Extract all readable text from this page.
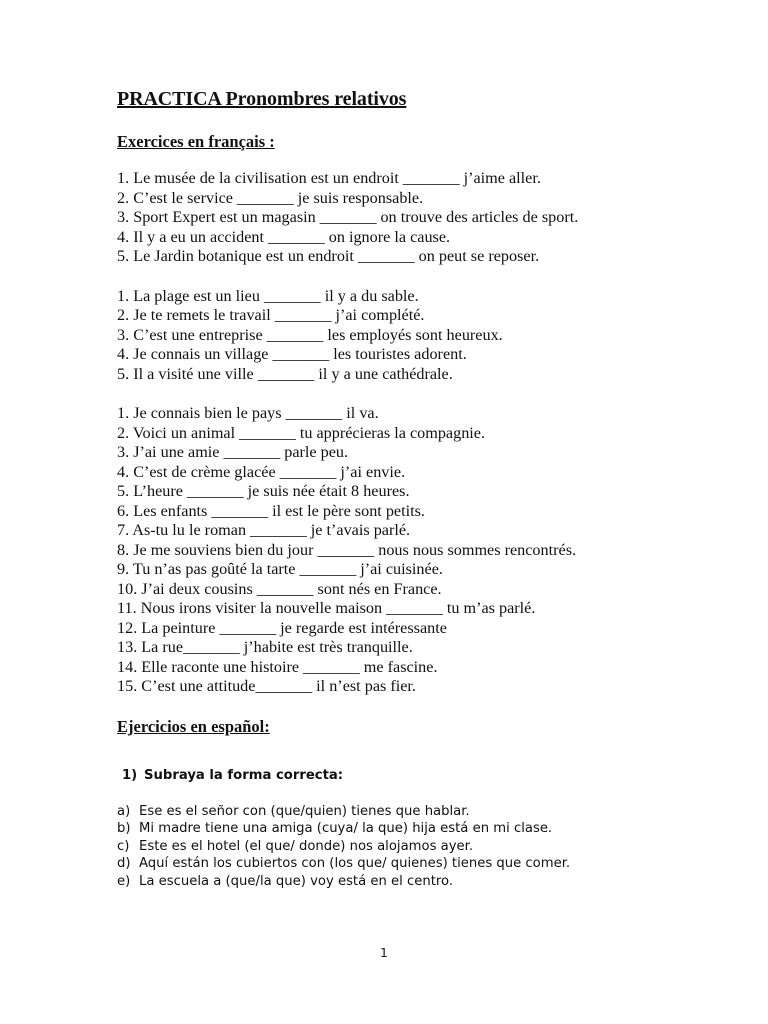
PRACTICA Pronombres relativos
Exercices en français :
1. Le musée de la civilisation est un endroit _______ j’aime aller.
2. C’est le service _______ je suis responsable.
3. Sport Expert est un magasin _______ on trouve des articles de sport.
4. Il y a eu un accident _______ on ignore la cause.
5. Le Jardin botanique est un endroit _______ on peut se reposer.
1. La plage est un lieu _______ il y a du sable.
2. Je te remets le travail _______ j’ai complété.
3. C’est une entreprise _______ les employés sont heureux.
4. Je connais un village _______ les touristes adorent.
5. Il a visité une ville _______ il y a une cathédrale.
1. Je connais bien le pays _______ il va.
2. Voici un animal _______ tu apprécieras la compagnie.
3. J’ai une amie _______ parle peu.
4. C’est de crème glacée _______ j’ai envie.
5. L’heure _______ je suis née était 8 heures.
6. Les enfants _______ il est le père sont petits.
7. As-tu lu le roman _______ je t’avais parlé.
8. Je me souviens bien du jour _______ nous nous sommes rencontrés.
9. Tu n’as pas goûté la tarte _______ j’ai cuisinée.
10. J’ai deux cousins _______ sont nés en France.
11. Nous irons visiter la nouvelle maison _______ tu m’as parlé.
12. La peinture _______ je regarde est intéressante
13. La rue_______ j’habite est très tranquille.
14. Elle raconte une histoire _______ me fascine.
15. C’est une attitude_______ il n’est pas fier.
Ejercicios en español:
1) Subraya la forma correcta:
a) Ese es el señor con (que/quien) tienes que hablar.
b) Mi madre tiene una amiga (cuya/ la que) hija está en mi clase.
c) Este es el hotel (el que/ donde) nos alojamos ayer.
d) Aquí están los cubiertos con (los que/ quienes) tienes que comer.
e) La escuela a (que/la que) voy está en el centro.
1
